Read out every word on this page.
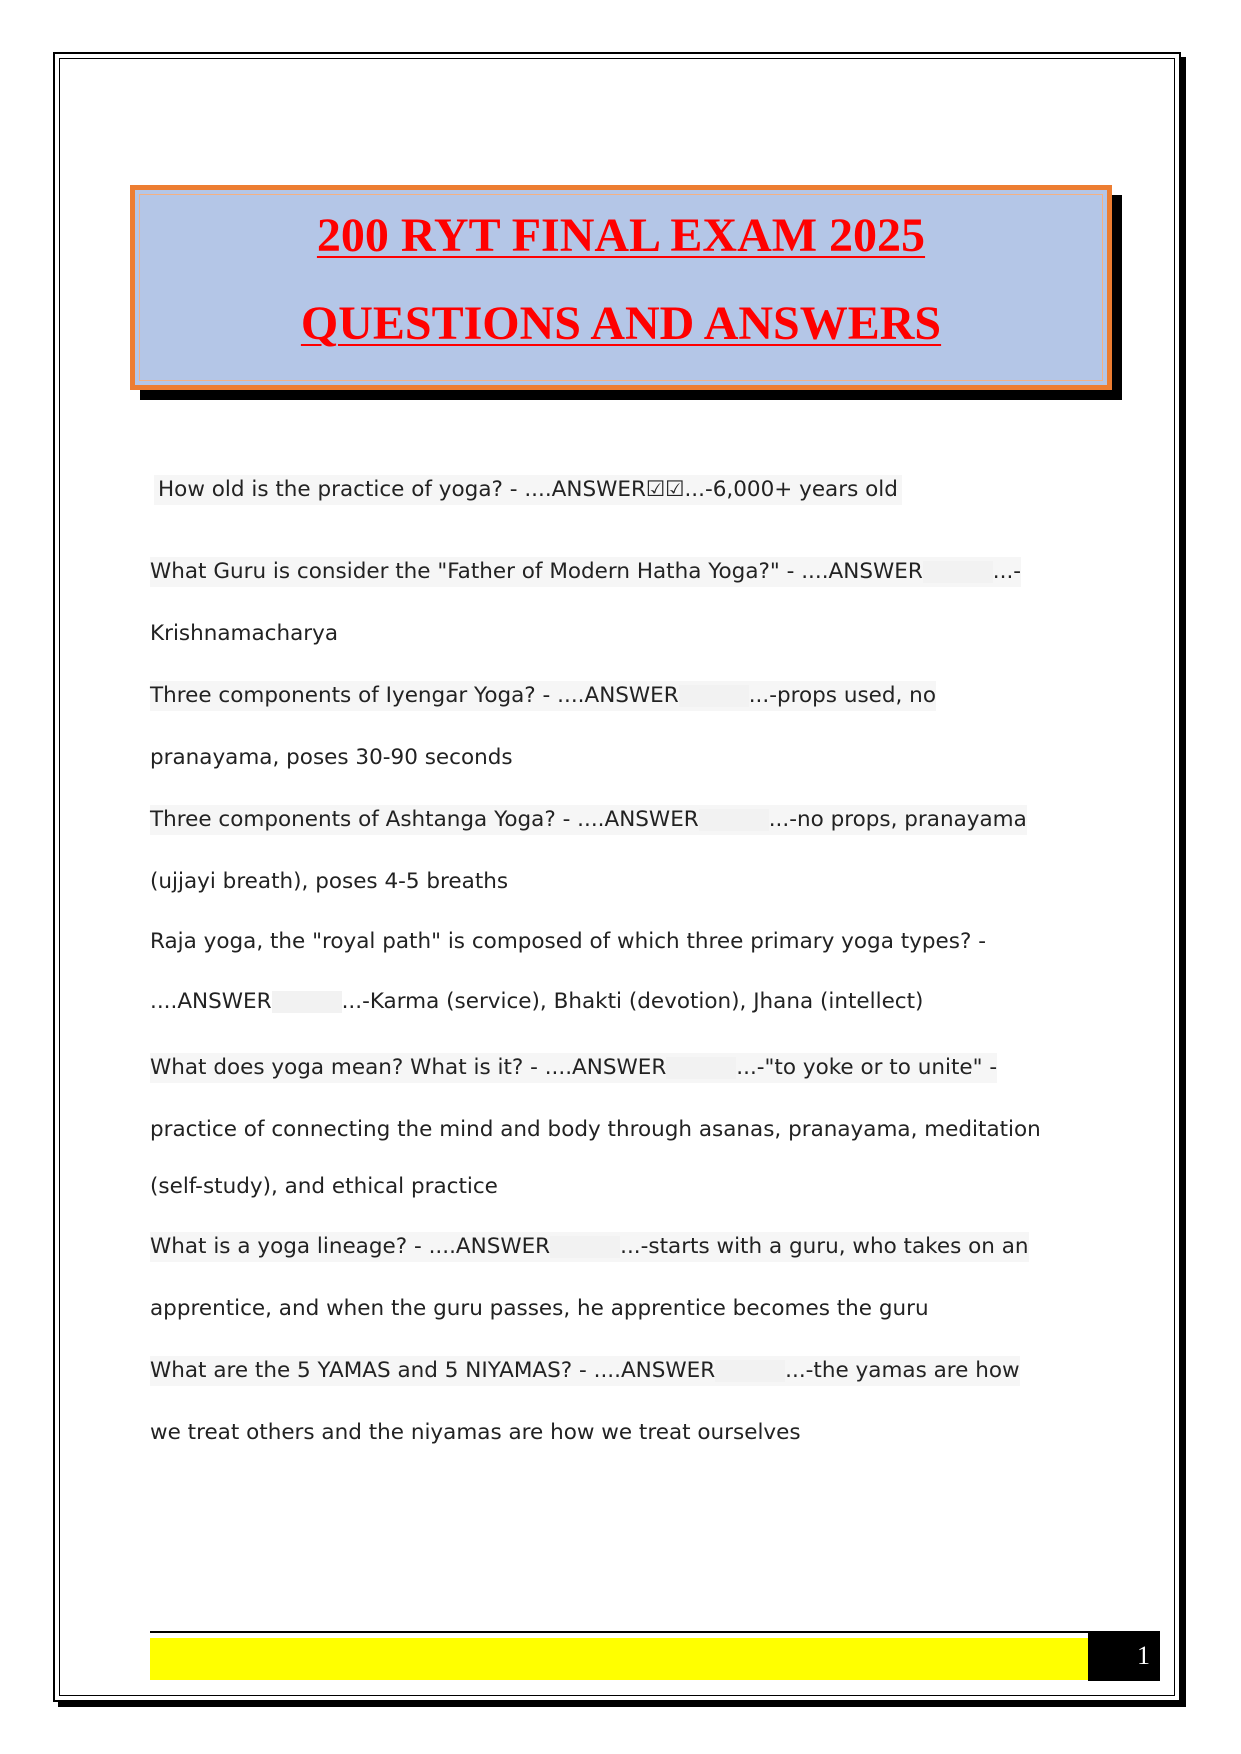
200 RYT FINAL EXAM 2025
QUESTIONS AND ANSWERS
How old is the practice of yoga? - ....ANSWER☑☑...-6,000+ years old
What Guru is consider the "Father of Modern Hatha Yoga?" - ....ANSWER	...-
Krishnamacharya
Three components of Iyengar Yoga? - ....ANSWER	...-props used, no
pranayama, poses 30-90 seconds
Three components of Ashtanga Yoga? - ....ANSWER	...-no props, pranayama
(ujjayi breath), poses 4-5 breaths
Raja yoga, the "royal path" is composed of which three primary yoga types? -
....ANSWER	...-Karma (service), Bhakti (devotion), Jhana (intellect)
What does yoga mean? What is it? - ....ANSWER	...-"to yoke or to unite" -
practice of connecting the mind and body through asanas, pranayama, meditation
(self-study), and ethical practice
What is a yoga lineage? - ....ANSWER	...-starts with a guru, who takes on an
apprentice, and when the guru passes, he apprentice becomes the guru
What are the 5 YAMAS and 5 NIYAMAS? - ....ANSWER	...-the yamas are how
we treat others and the niyamas are how we treat ourselves
1
